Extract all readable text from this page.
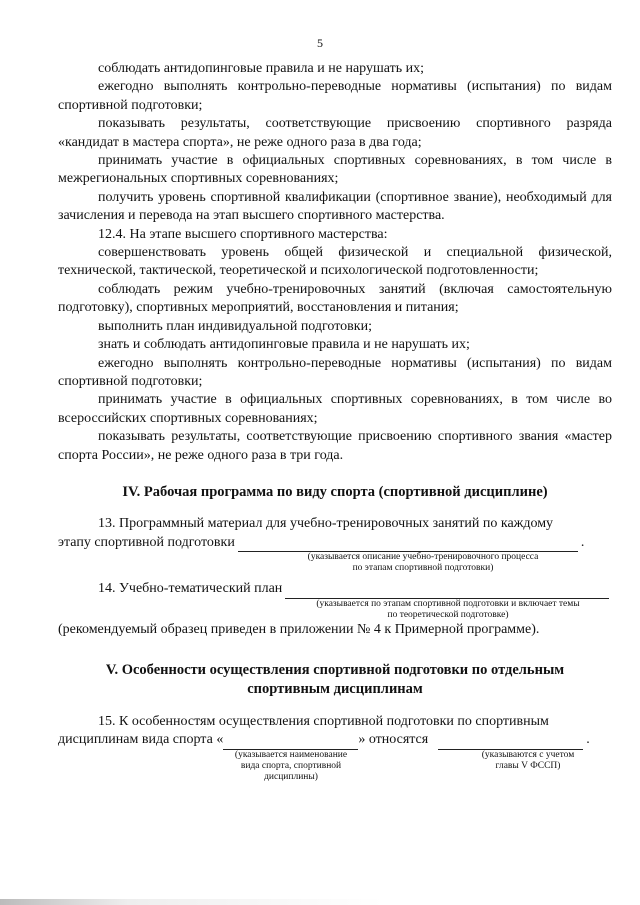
5

соблюдать антидопинговые правила и не нарушать их;

ежегодно выполнять контрольно-переводные нормативы (испытания) по видам спортивной подготовки;

показывать результаты, соответствующие присвоению спортивного разряда «кандидат в мастера спорта», не реже одного раза в два года;

принимать участие в официальных спортивных соревнованиях, в том числе в межрегиональных спортивных соревнованиях;

получить уровень спортивной квалификации (спортивное звание), необходимый для зачисления и перевода на этап высшего спортивного мастерства.

12.4. На этапе высшего спортивного мастерства:

совершенствовать уровень общей физической и специальной физической, технической, тактической, теоретической и психологической подготовленности;

соблюдать режим учебно-тренировочных занятий (включая самостоятельную подготовку), спортивных мероприятий, восстановления и питания;

выполнить план индивидуальной подготовки;

знать и соблюдать антидопинговые правила и не нарушать их;

ежегодно выполнять контрольно-переводные нормативы (испытания) по видам спортивной подготовки;

принимать участие в официальных спортивных соревнованиях, в том числе во всероссийских спортивных соревнованиях;

показывать результаты, соответствующие присвоению спортивного звания «мастер спорта России», не реже одного раза в три года.

IV. Рабочая программа по виду спорта (спортивной дисциплине)

13. Программный материал для учебно-тренировочных занятий по каждому

этапу спортивной подготовки	.
(указывается описание учебно-тренировочного процесса
по этапам спортивной подготовки)
14. Учебно-тематический план
(указывается по этапам спортивной подготовки и включает темы
по теоретической подготовке)

(рекомендуемый образец приведен в приложении № 4 к Примерной программе).

V. Особенности осуществления спортивной подготовки по отдельным
спортивным дисциплинам

15. К особенностям осуществления спортивной подготовки по спортивным

дисциплинам вида спорта «	» относятся	.
(указывается наименование
вида спорта, спортивной
дисциплины)
(указываются с учетом
главы V ФССП)
